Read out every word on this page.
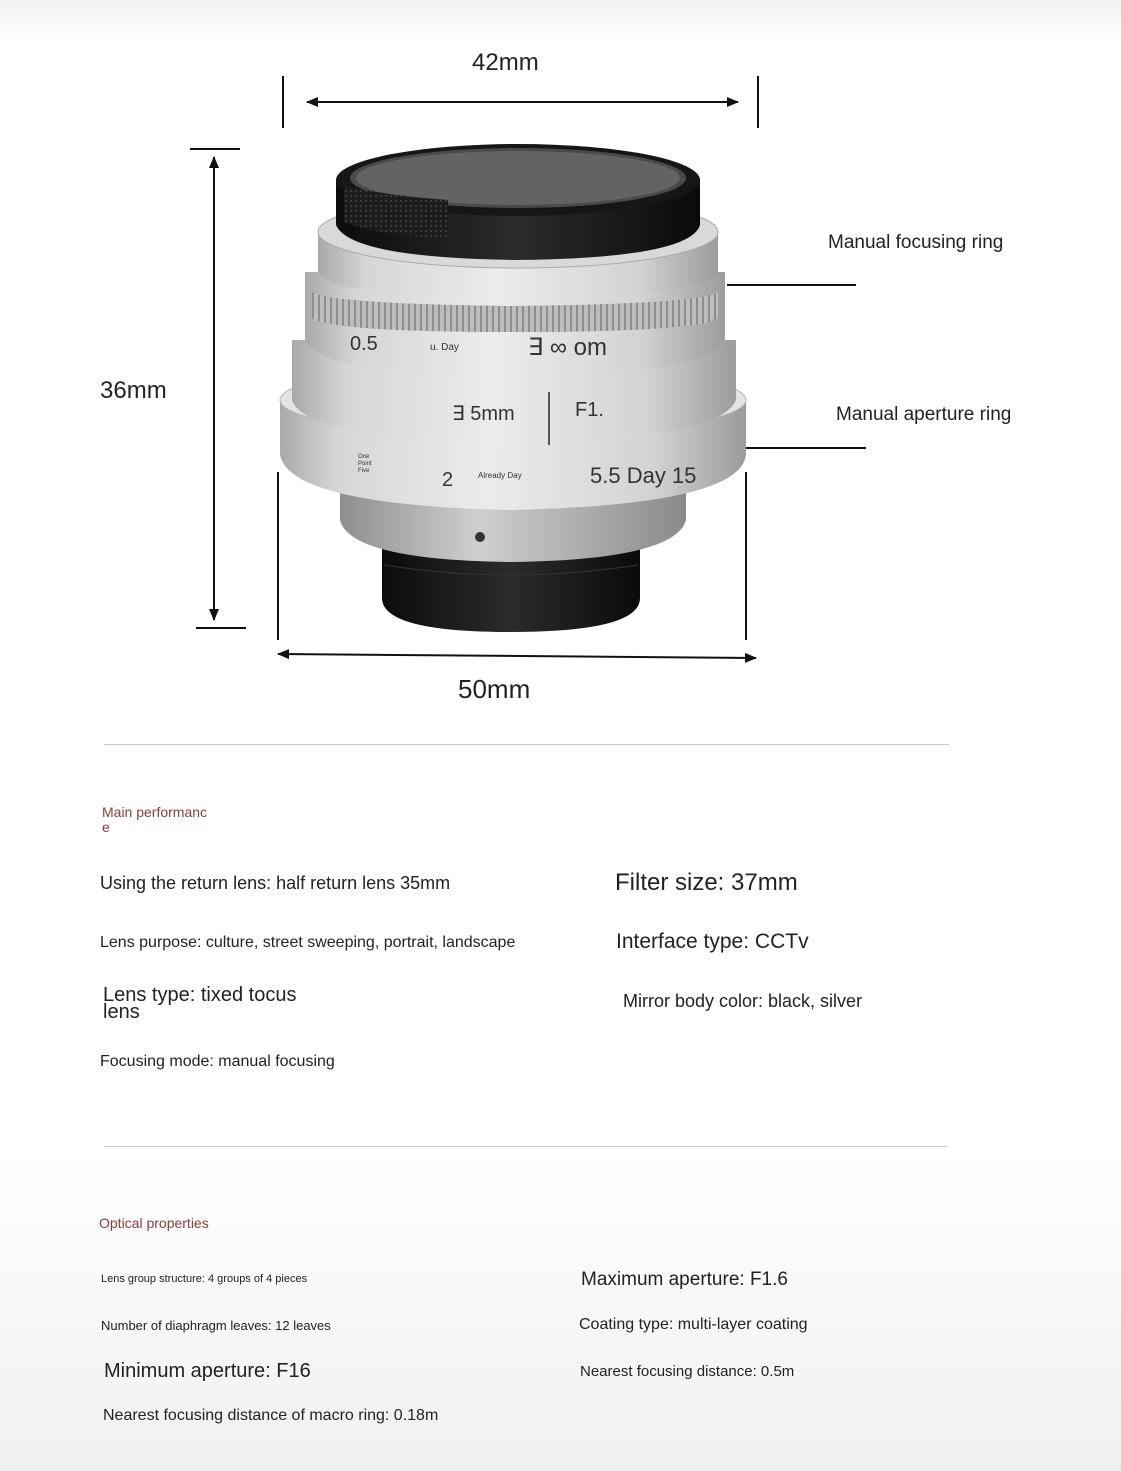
0.5	u. Day	∃ ∞ om
∃ 5mm	F1.
One
Point
Five	2	Already Day	5.5 Day 15
42mm
36mm
50mm
Manual focusing ring
Manual aperture ring
Main performanc
e
Using the return lens: half return lens 35mm
Lens purpose: culture, street sweeping, portrait, landscape
Lens type: tixed tocus
lens
Focusing mode: manual focusing
Filter size: 37mm
Interface type: CCTv
Mirror body color: black, silver
Optical properties
Lens group structure: 4 groups of 4 pieces
Number of diaphragm leaves: 12 leaves
Minimum aperture: F16
Nearest focusing distance of macro ring: 0.18m
Maximum aperture: F1.6
Coating type: multi-layer coating
Nearest focusing distance: 0.5m
